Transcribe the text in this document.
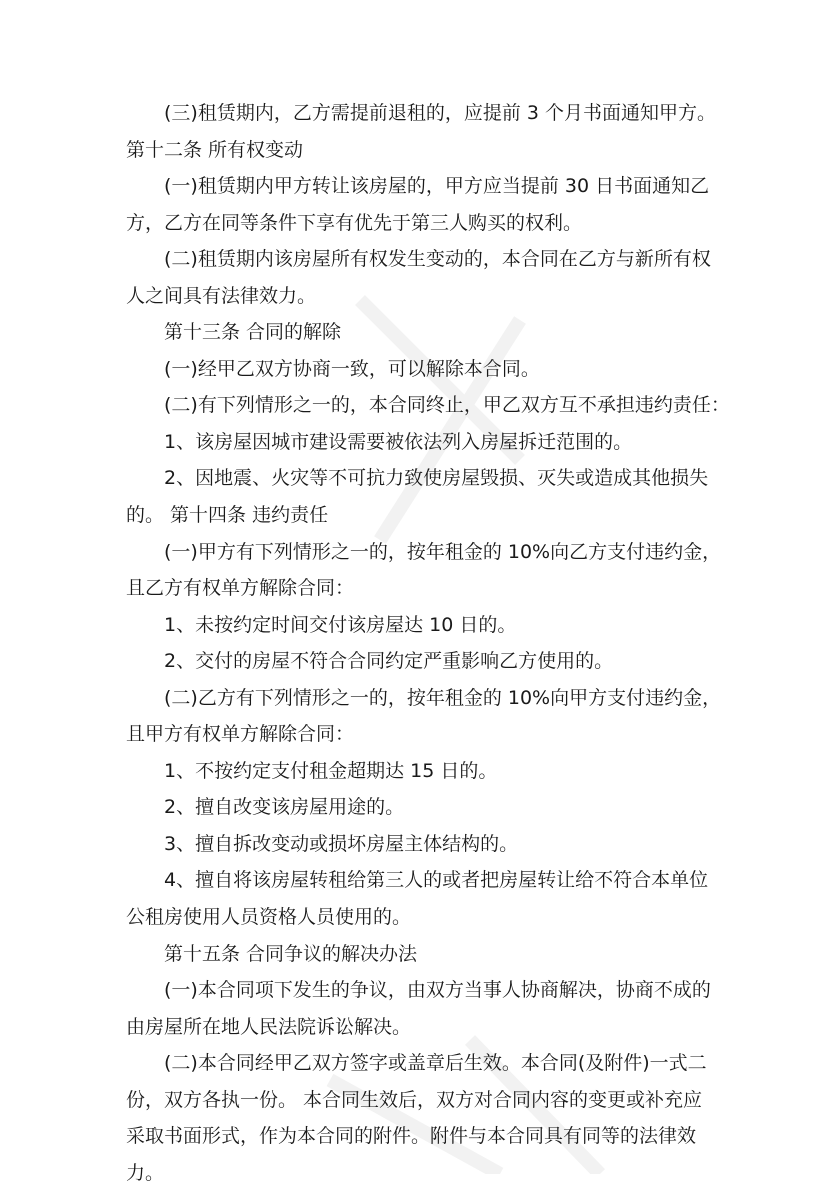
(三)租赁期内，乙方需提前退租的，应提前 3 个月书面通知甲方。
第十二条 所有权变动
(一)租赁期内甲方转让该房屋的，甲方应当提前 30 日书面通知乙
方，乙方在同等条件下享有优先于第三人购买的权利。
(二)租赁期内该房屋所有权发生变动的，本合同在乙方与新所有权
人之间具有法律效力。
第十三条 合同的解除
(一)经甲乙双方协商一致，可以解除本合同。
(二)有下列情形之一的，本合同终止，甲乙双方互不承担违约责任：
1、该房屋因城市建设需要被依法列入房屋拆迁范围的。
2、因地震、火灾等不可抗力致使房屋毁损、灭失或造成其他损失
的。 第十四条 违约责任
(一)甲方有下列情形之一的，按年租金的 10%向乙方支付违约金，
且乙方有权单方解除合同：
1、未按约定时间交付该房屋达 10 日的。
2、交付的房屋不符合合同约定严重影响乙方使用的。
(二)乙方有下列情形之一的，按年租金的 10%向甲方支付违约金，
且甲方有权单方解除合同：
1、不按约定支付租金超期达 15 日的。
2、擅自改变该房屋用途的。
3、擅自拆改变动或损坏房屋主体结构的。
4、擅自将该房屋转租给第三人的或者把房屋转让给不符合本单位
公租房使用人员资格人员使用的。
第十五条 合同争议的解决办法
(一)本合同项下发生的争议，由双方当事人协商解决，协商不成的
由房屋所在地人民法院诉讼解决。
(二)本合同经甲乙双方签字或盖章后生效。本合同(及附件)一式二
份，双方各执一份。 本合同生效后，双方对合同内容的变更或补充应
采取书面形式，作为本合同的附件。附件与本合同具有同等的法律效
力。
